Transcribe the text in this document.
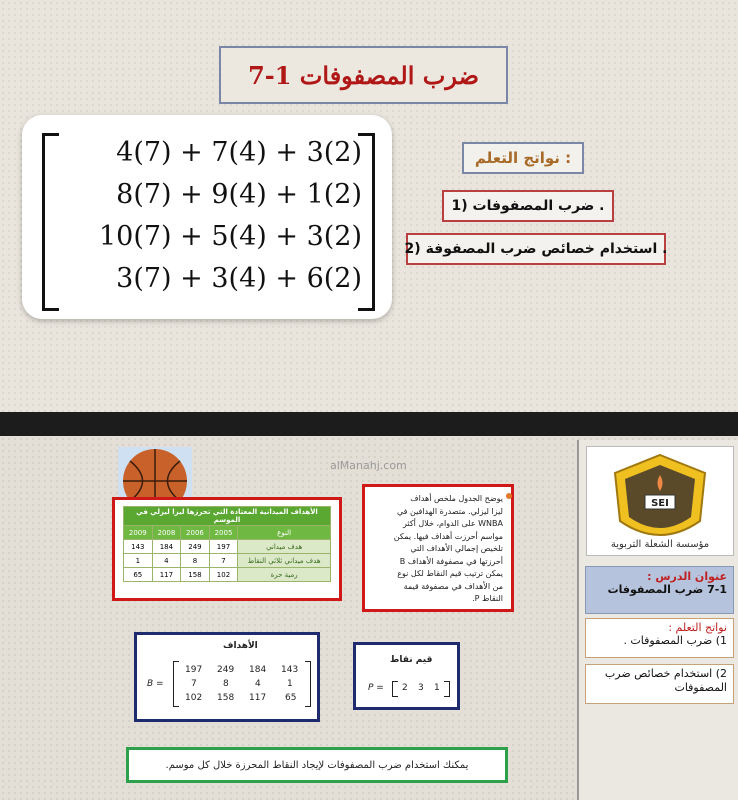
ضرب المصفوفات 1-7
4(7) + 7(4) + 3(2)
8(7) + 9(4) + 1(2)
10(7) + 5(4) + 3(2)
3(7) + 3(4) + 6(2)
: نواتج التعلم
. ضرب المصفوفات (1
. استخدام خصائص ضرب المصفوفة (2
alManahj.com
SEI
مؤسسة الشعلة التربوية
عنوان الدرس :
7-1 ضرب المصفوفات
نواتج التعلم :
1) ضرب المصفوفات .
2) استخدام خصائص ضرب المصفوفات
الأهداف الميدانية المعتادة التي تحرزها ليزا ليزلي في الموسم				
النوع	2005	2006	2008	2009
هدف ميداني	197	249	184	143
هدف ميداني ثلاثي النقاط	7	8	4	1
رمية حرة	102	158	117	65
يوضح الجدول ملخص أهداف
ليزا ليزلي. متصدرة الهدافين في
WNBA على الدوام، خلال أكثر
مواسم أحرزت أهداف فيها. يمكن
تلخيص إجمالي الأهداف التي
أحرزتها في مصفوفة الأهداف B
يمكن ترتيب قيم النقاط لكل نوع
من الأهداف في مصفوفة قيمة
النقاط P.
الأهداف
B =
197 249 184 143
7	8	4	1
102 158 117 65
قيم نقاط
P = 2 3 1
يمكنك استخدام ضرب المصفوفات لإيجاد النقاط المحرزة خلال كل موسم.
